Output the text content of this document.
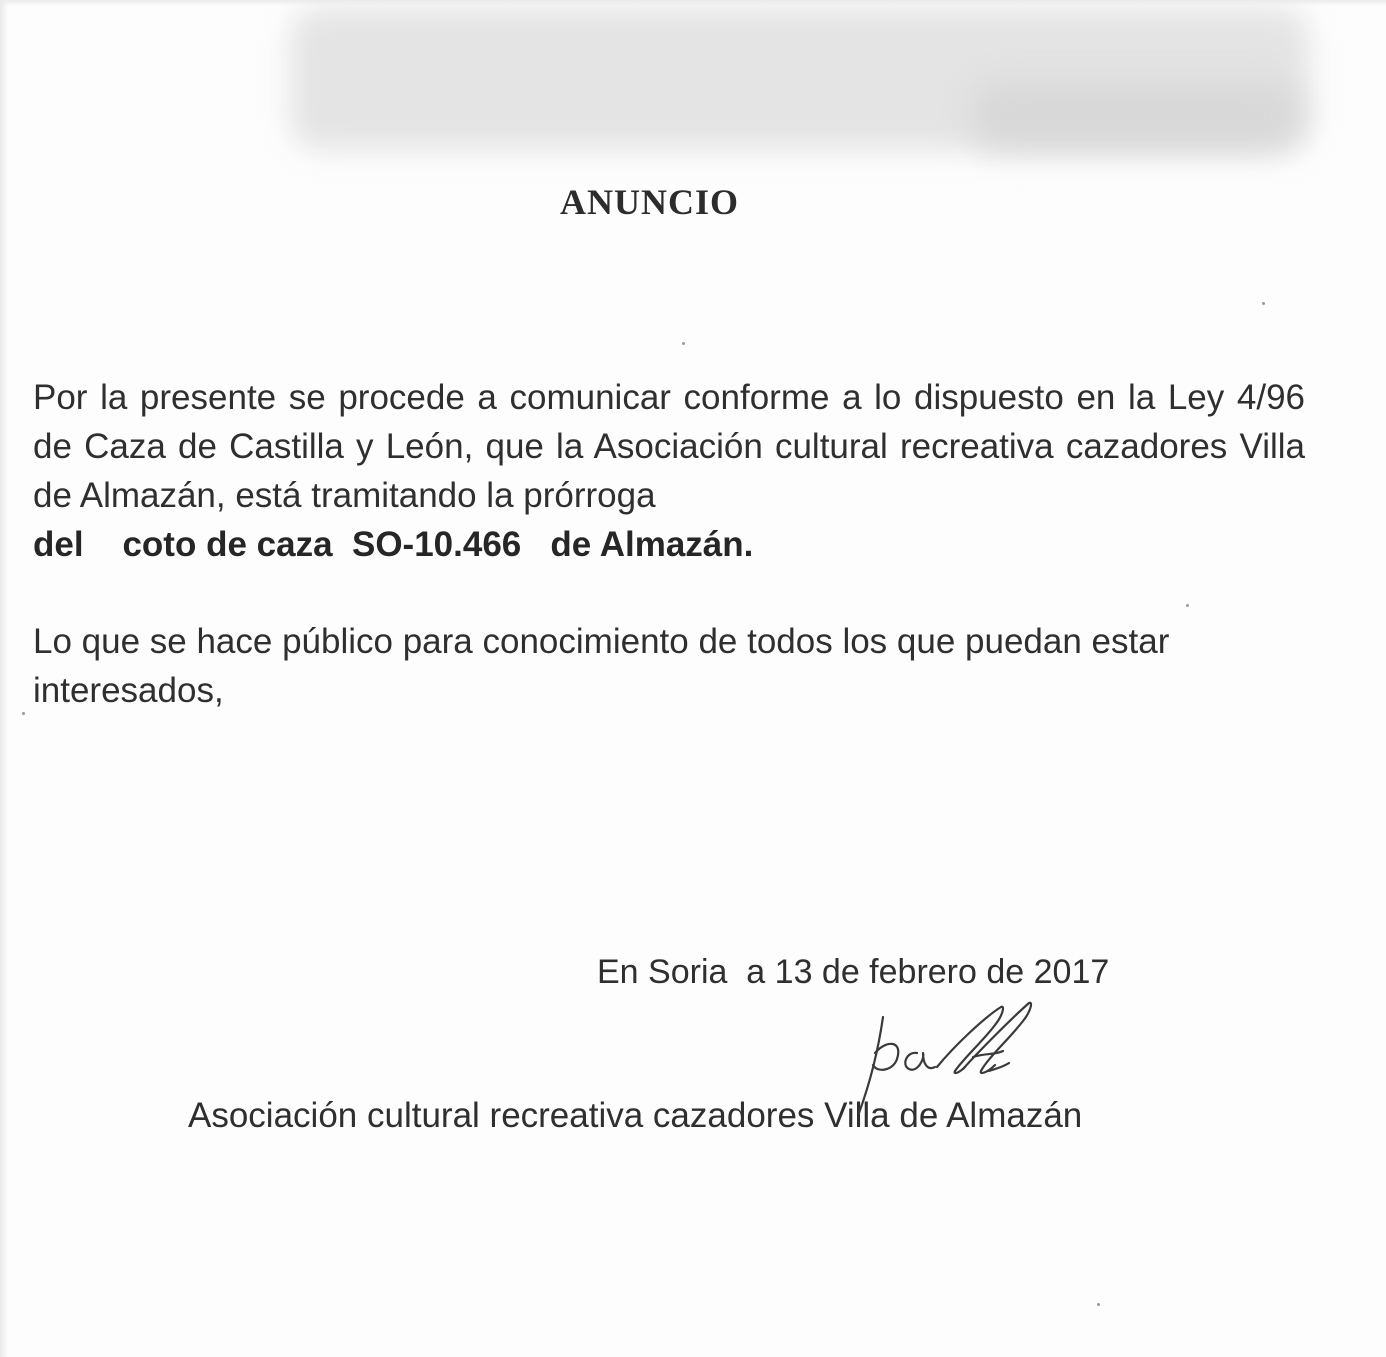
ANUNCIO

Por la presente se procede a comunicar conforme a lo dispuesto en la Ley 4/96 de Caza de Castilla y León, que la Asociación cultural recreativa cazadores Villa de Almazán, está tramitando la prórroga
del    coto de caza  SO-10.466   de Almazán.

Lo que se hace público para conocimiento de todos los que puedan estar interesados,

En Soria  a 13 de febrero de 2017

Asociación cultural recreativa cazadores Villa de Almazán
